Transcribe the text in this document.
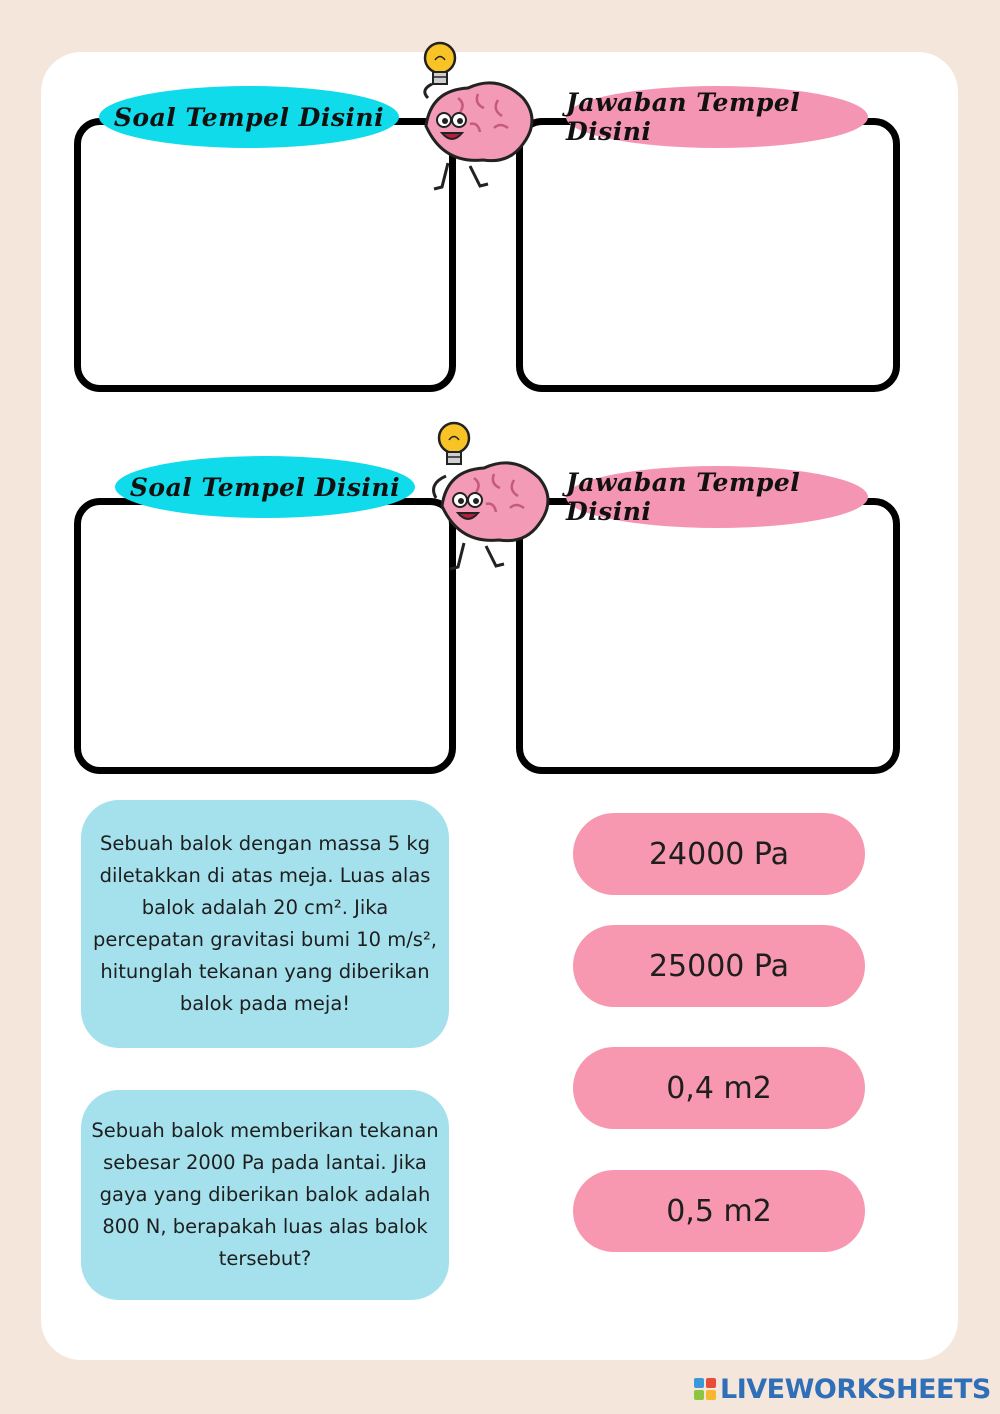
Soal Tempel Disini	Jawaban Tempel Disini
Soal Tempel Disini	Jawaban Tempel Disini
Sebuah balok dengan massa 5 kg diletakkan di atas meja. Luas alas balok adalah 20 cm². Jika percepatan gravitasi bumi 10 m/s², hitunglah tekanan yang diberikan balok pada meja!
Sebuah balok memberikan tekanan sebesar 2000 Pa pada lantai. Jika gaya yang diberikan balok adalah 800 N, berapakah luas alas balok tersebut?
24000 Pa
25000 Pa
0,4 m2
0,5 m2
LIVEWORKSHEETS
